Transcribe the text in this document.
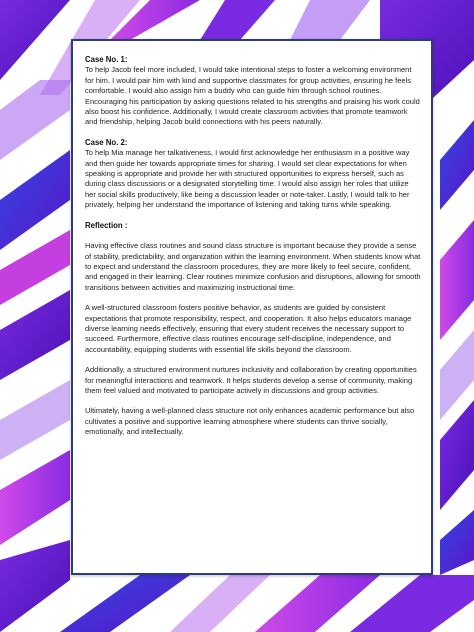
Case No. 1:

To help Jacob feel more included, I would take intentional steps to foster a welcoming environment for him. I would pair him with kind and supportive classmates for group activities, ensuring he feels comfortable. I would also assign him a buddy who can guide him through school routines. Encouraging his participation by asking questions related to his strengths and praising his work could also boost his confidence. Additionally, I would create classroom activities that promote teamwork and friendship, helping Jacob build connections with his peers naturally.

Case No. 2:

To help Mia manage her talkativeness, I would first acknowledge her enthusiasm in a positive way and then guide her towards appropriate times for sharing. I would set clear expectations for when speaking is appropriate and provide her with structured opportunities to express herself, such as during class discussions or a designated storytelling time. I would also assign her roles that utilize her social skills productively, like being a discussion leader or note-taker. Lastly, I would talk to her privately, helping her understand the importance of listening and taking turns while speaking.

Reflection :

Having effective class routines and sound class structure is important because they provide a sense of stability, predictability, and organization within the learning environment. When students know what to expect and understand the classroom procedures, they are more likely to feel secure, confident, and engaged in their learning. Clear routines minimize confusion and disruptions, allowing for smooth transitions between activities and maximizing instructional time.

A well-structured classroom fosters positive behavior, as students are guided by consistent expectations that promote responsibility, respect, and cooperation. It also helps educators manage diverse learning needs effectively, ensuring that every student receives the necessary support to succeed. Furthermore, effective class routines encourage self-discipline, independence, and accountability, equipping students with essential life skills beyond the classroom.

Additionally, a structured environment nurtures inclusivity and collaboration by creating opportunities for meaningful interactions and teamwork. It helps students develop a sense of community, making them feel valued and motivated to participate actively in discussions and group activities.

Ultimately, having a well-planned class structure not only enhances academic performance but also cultivates a positive and supportive learning atmosphere where students can thrive socially, emotionally, and intellectually.
